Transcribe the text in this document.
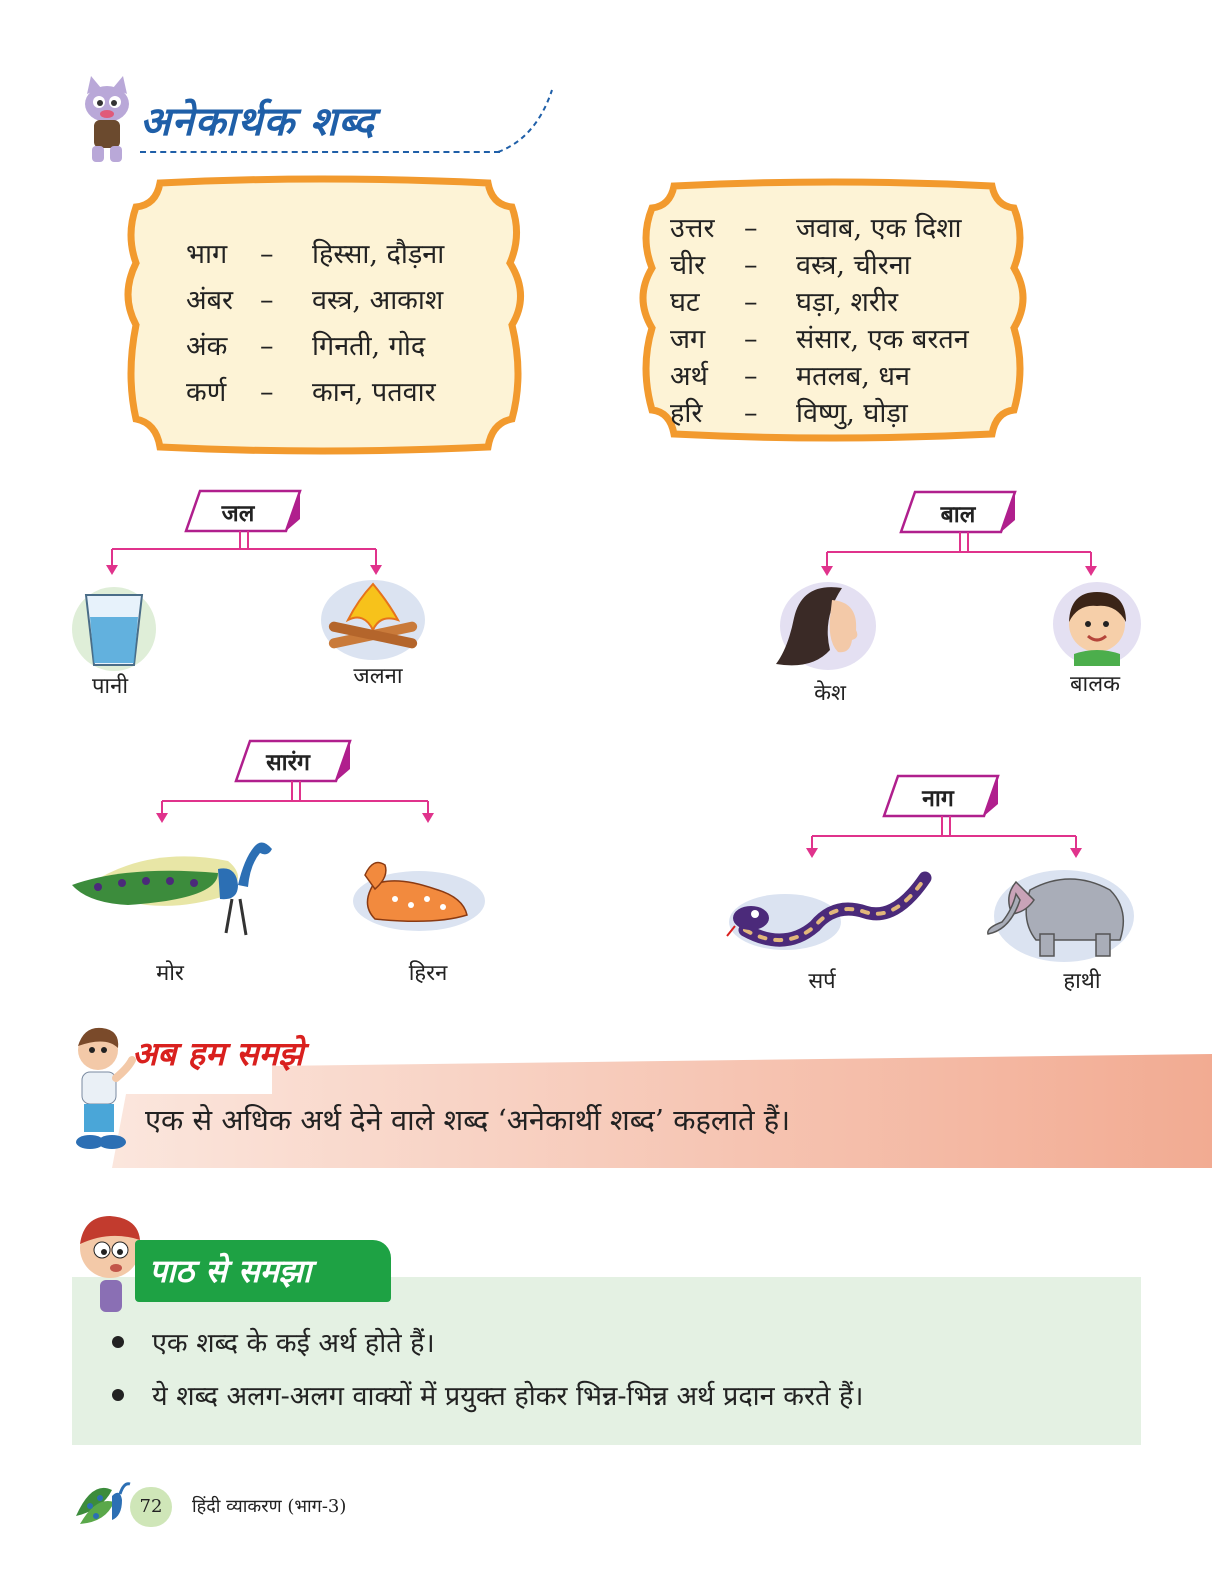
अनेकार्थक शब्द
भाग	–	हिस्सा, दौड़ना
अंबर –	वस्त्र, आकाश
अंक	–	गिनती, गोद
कर्ण	–	कान, पतवार
उत्तर	–	जवाब, एक दिशा
चीर	–	वस्त्र, चीरना
घट	–	घड़ा, शरीर
जग	–	संसार, एक बरतन
अर्थ	–	मतलब, धन
हरि	–	विष्णु, घोड़ा
जल
पानी	जलना
बाल
केश	बालक
सारंग
मोर	हिरन
नाग
सर्प	हाथी
अब हम समझे
एक से अधिक अर्थ देने वाले शब्द ‘अनेकार्थी शब्द’ कहलाते हैं।
पाठ से समझा
एक शब्द के कई अर्थ होते हैं।
ये शब्द अलग-अलग वाक्यों में प्रयुक्त होकर भिन्न-भिन्न अर्थ प्रदान करते हैं।
72	हिंदी व्याकरण (भाग-3)
